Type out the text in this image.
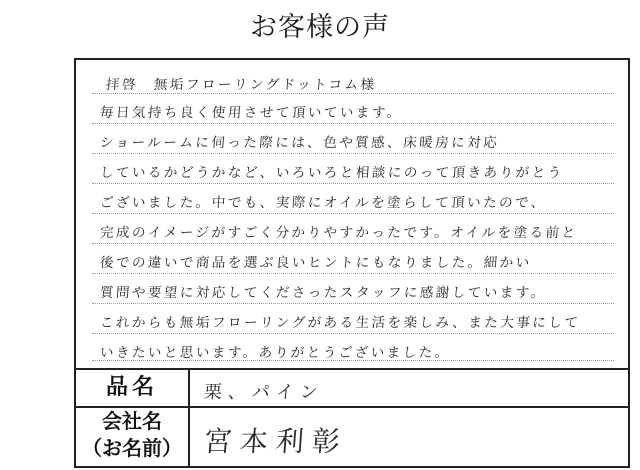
お客様の声
拝啓　無垢フローリングドットコム様
毎日気持ち良く使用させて頂いています。
ショールームに伺った際には、色や質感、床暖房に対応
しているかどうかなど、いろいろと相談にのって頂きありがとう
ございました。中でも、実際にオイルを塗らして頂いたので、
完成のイメージがすごく分かりやすかったです。オイルを塗る前と
後での違いで商品を選ぶ良いヒントにもなりました。細かい
質問や要望に対応してくださったスタッフに感謝しています。
これからも無垢フローリングがある生活を楽しみ、また大事にして
いきたいと思います。ありがとうございました。
品名	栗、パイン
会社名
（お名前） 宮本利彰
